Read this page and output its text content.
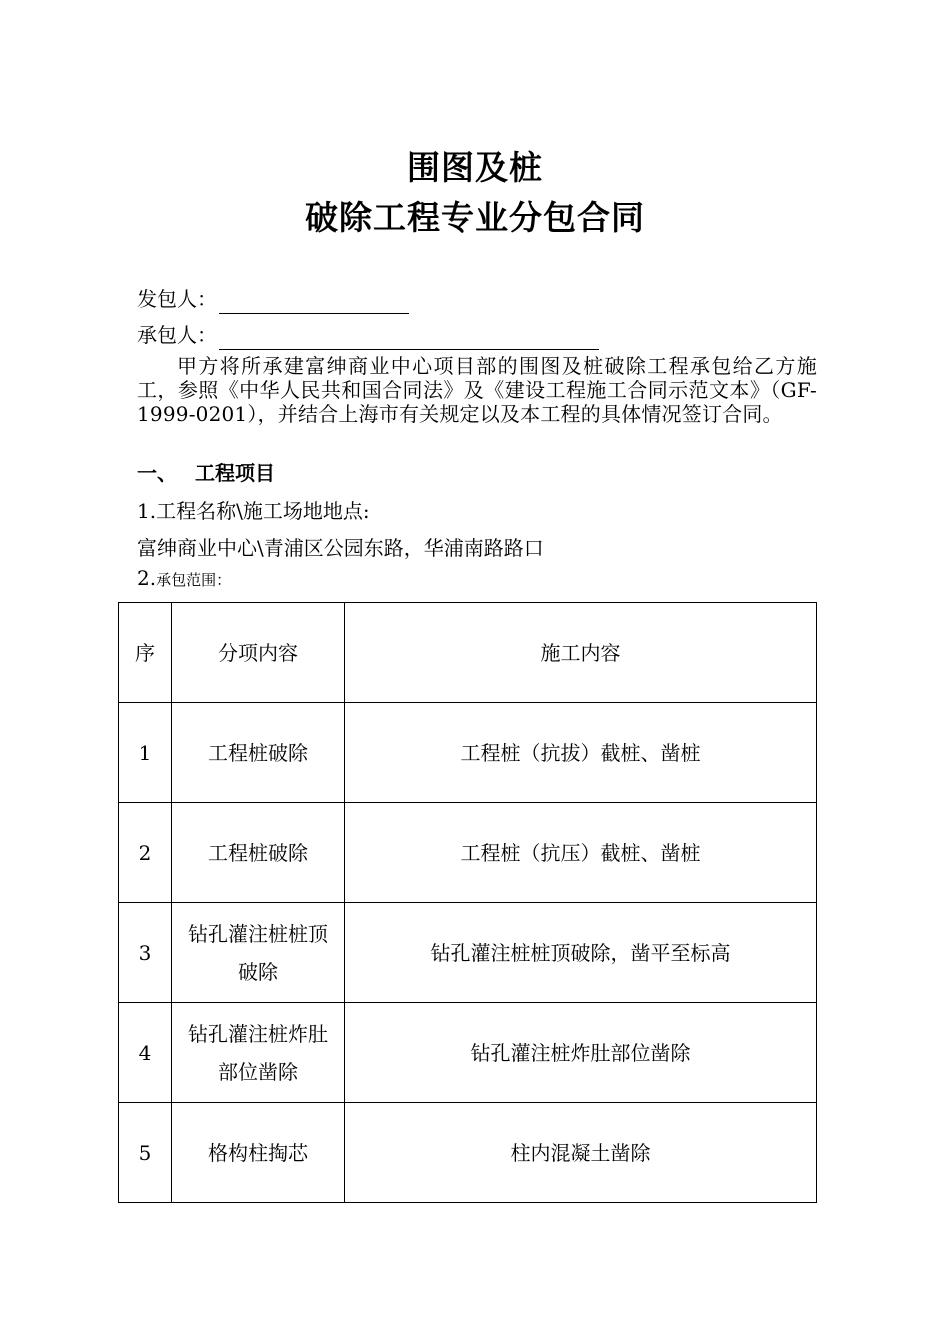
围图及桩
破除工程专业分包合同
发包人：
承包人：

甲方将所承建富绅商业中心项目部的围图及桩破除工程承包给乙方施工，参照《中华人民共和国合同法》及《建设工程施工合同示范文本》（GF-1999-0201），并结合上海市有关规定以及本工程的具体情况签订合同。

一、 工程项目

1.工程名称\施工场地地点:

富绅商业中心\青浦区公园东路，华浦南路路口

2.承包范围：

序	分项内容	施工内容
1	工程桩破除	工程桩（抗拔）截桩、凿桩
2	工程桩破除	工程桩（抗压）截桩、凿桩
3	钻孔灌注桩桩顶破除	钻孔灌注桩桩顶破除，凿平至标高
4	钻孔灌注桩炸肚部位凿除	钻孔灌注桩炸肚部位凿除
5	格构柱掏芯	柱内混凝土凿除
